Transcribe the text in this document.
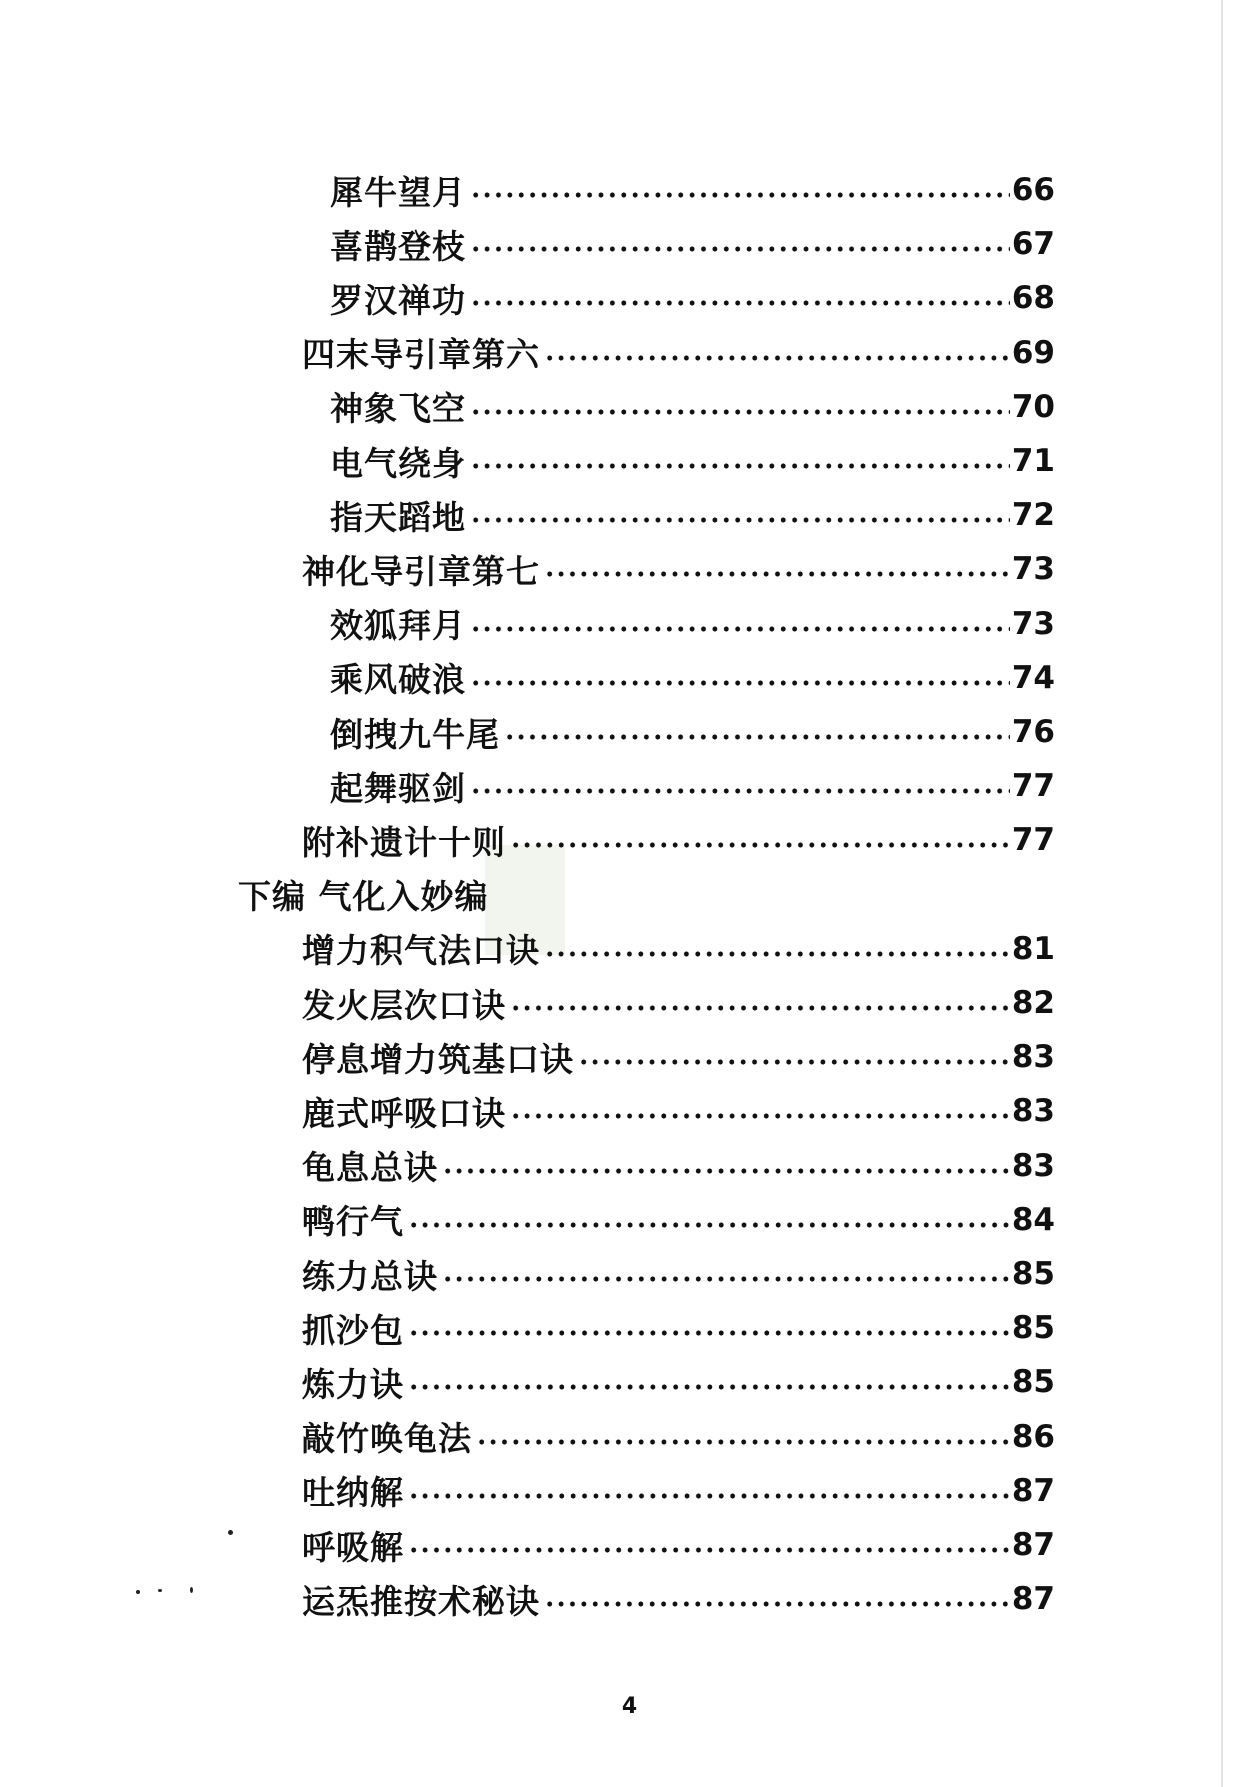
犀牛望月	66
喜鹊登枝	67
罗汉禅功	68
四末导引章第六	69
神象飞空	70
电气绕身	71
指天蹈地	72
神化导引章第七	73
效狐拜月	73
乘风破浪	74
倒拽九牛尾	76
起舞驱剑	77
附补遗计十则	77
下编 气化入妙编
增力积气法口诀	81
发火层次口诀	82
停息增力筑基口诀	83
鹿式呼吸口诀	83
龟息总诀	83
鸭行气	84
练力总诀	85
抓沙包	85
炼力诀	85
敲竹唤龟法	86
吐纳解	87
呼吸解	87
运炁推按术秘诀	87
4
